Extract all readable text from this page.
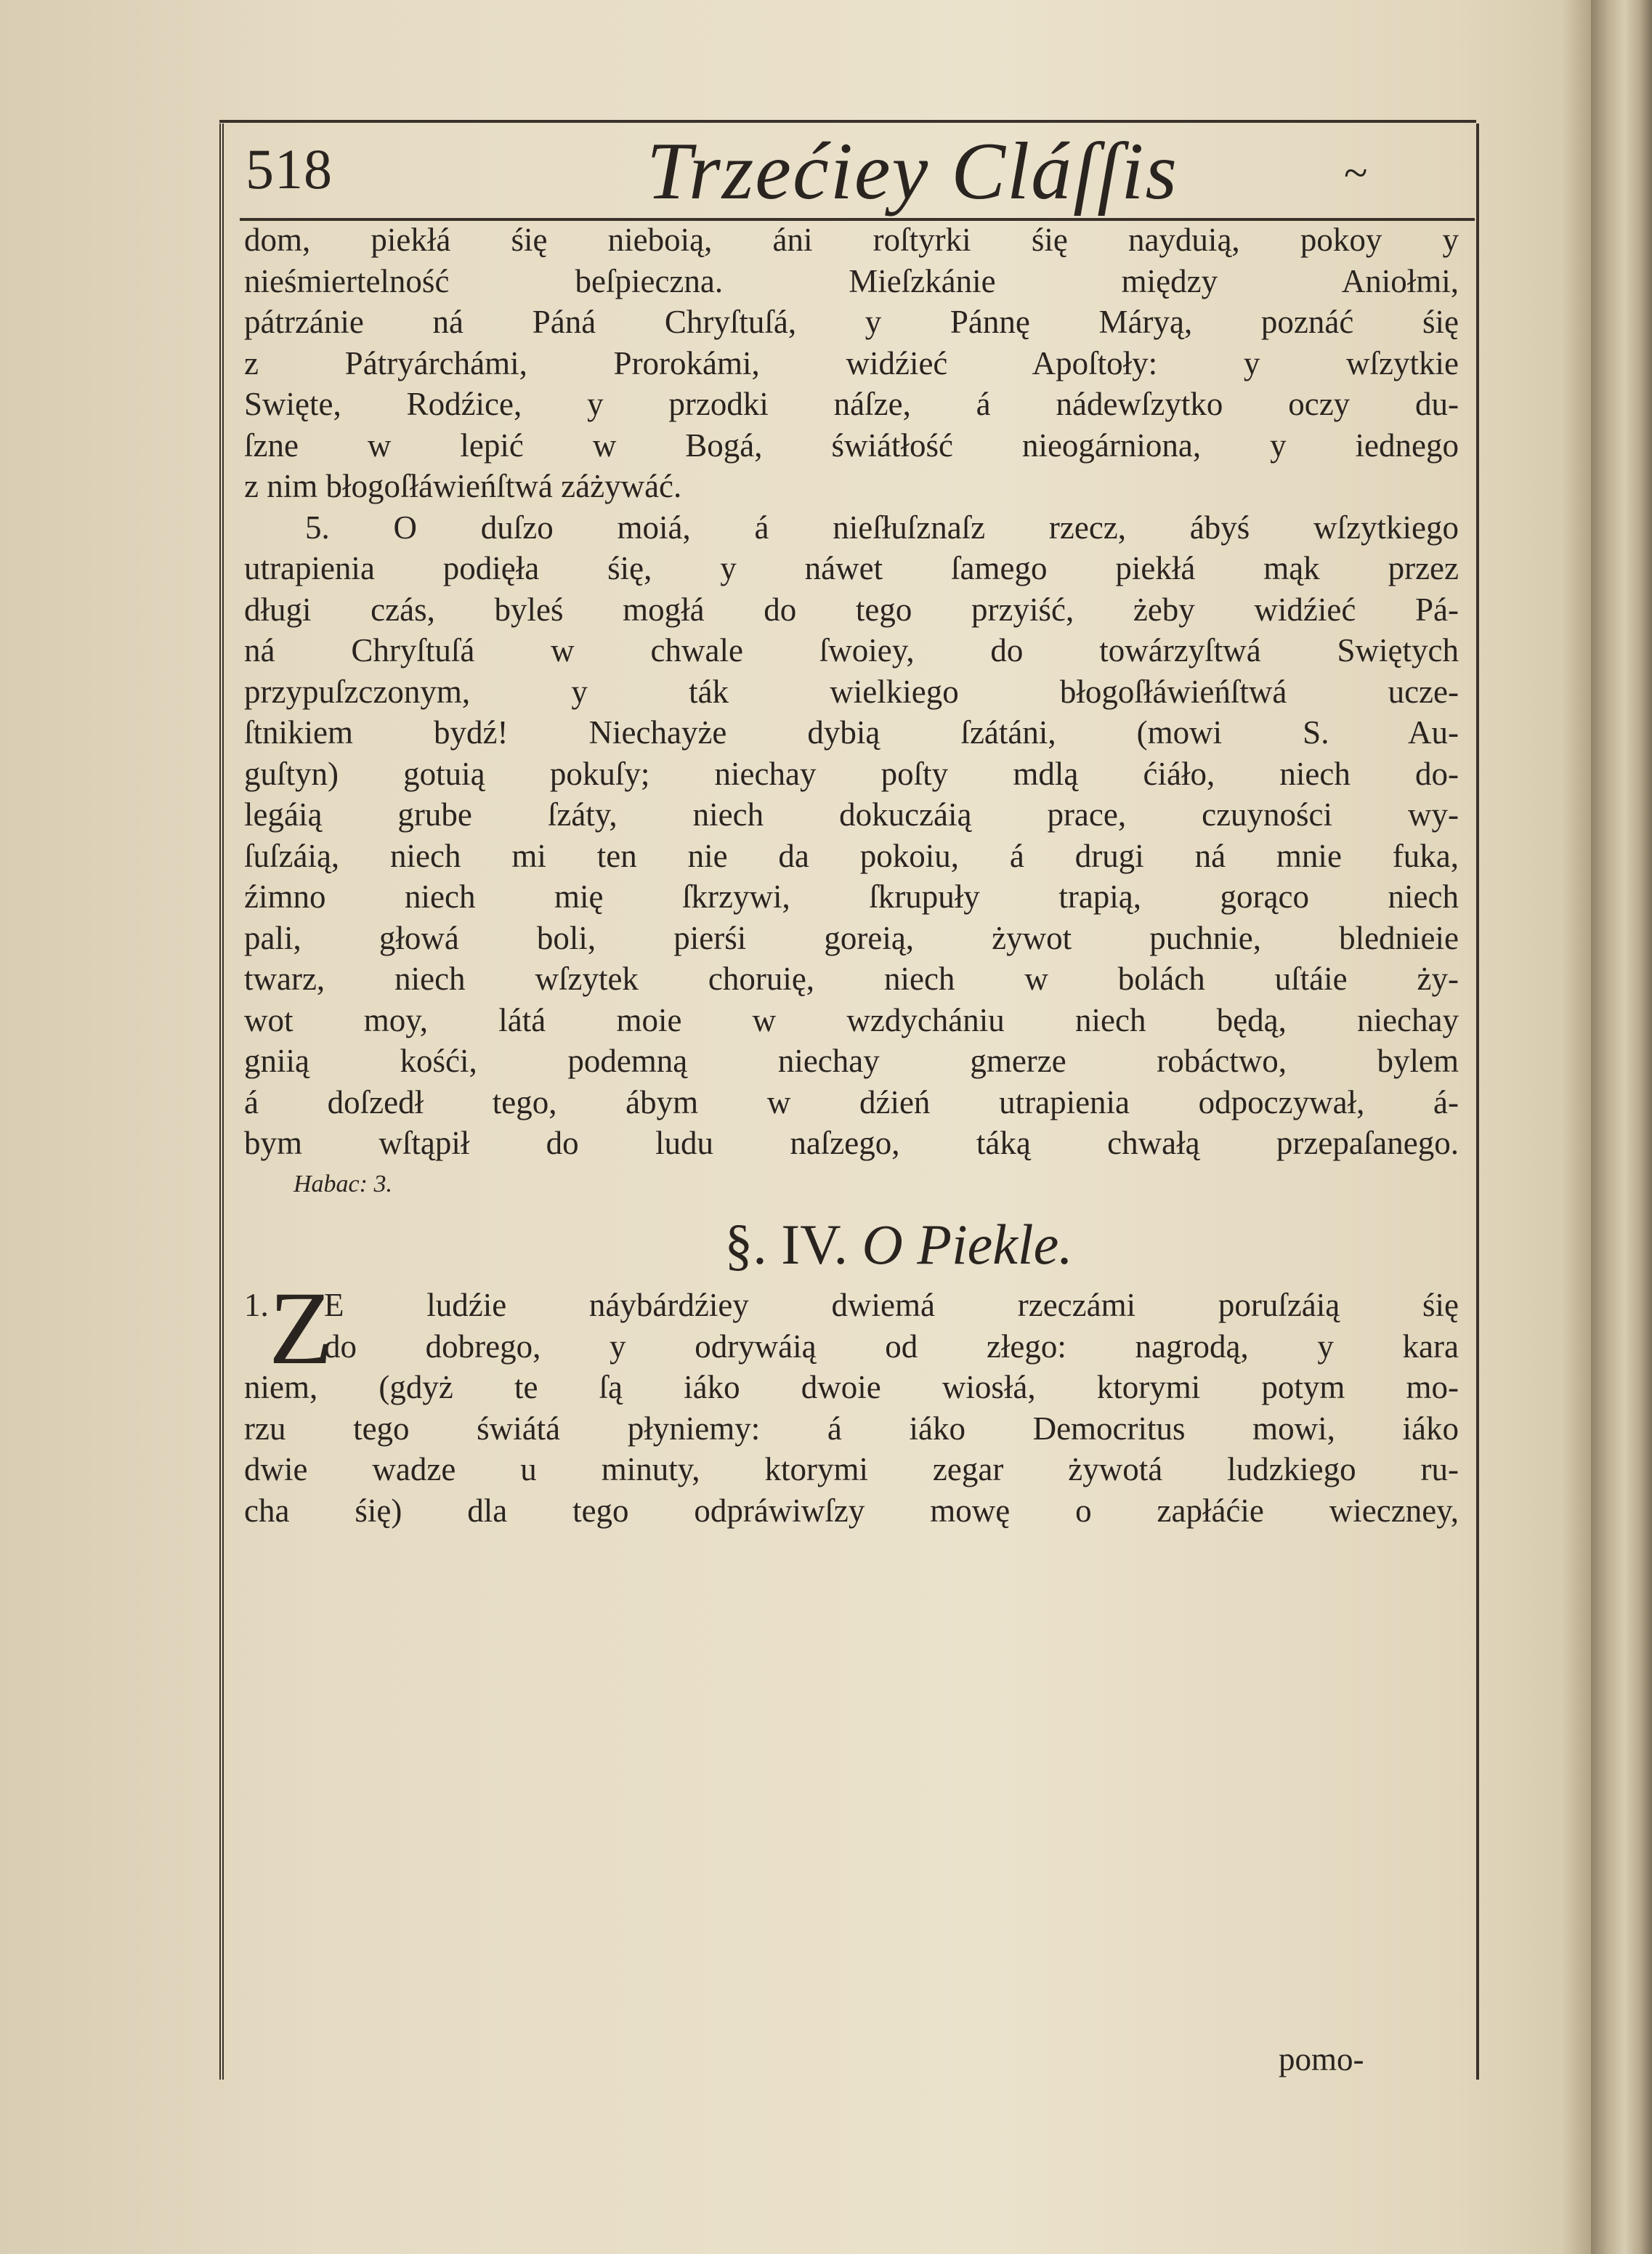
518	Trzećiey Cláſſis	~
dom, piekłá śię nieboią, áni roſtyrki śię nayduią, pokoy y
nieśmiertelność beſpieczna. Mieſzkánie między Aniołmi,
pátrzánie ná Páná Chryſtuſá, y Pánnę Máryą, poznáć śię
z Pátryárchámi, Prorokámi, widźieć Apoſtoły: y wſzytkie
Swięte, Rodźice, y przodki náſze, á nádewſzytko oczy du-
ſzne w lepić w Bogá, świátłość nieogárniona, y iednego
z nim błogoſłáwieńſtwá záżywáć.
5. O duſzo moiá, á nieſłuſznaſz rzecz, ábyś wſzytkiego
utrapienia podięła śię, y náwet ſamego piekłá mąk przez
długi czás, byleś mogłá do tego przyiść, żeby widźieć Pá-
ná Chryſtuſá w chwale ſwoiey, do towárzyſtwá Swiętych
przypuſzczonym, y ták wielkiego błogoſłáwieńſtwá ucze-
ſtnikiem bydź! Niechayże dybią ſzátáni, (mowi S. Au-
guſtyn) gotuią pokuſy; niechay poſty mdlą ćiáło, niech do-
legáią grube ſzáty, niech dokuczáią prace, czuyności wy-
ſuſzáią, niech mi ten nie da pokoiu, á drugi ná mnie fuka,
źimno niech mię ſkrzywi, ſkrupuły trapią, gorąco niech
pali, głowá boli, pierśi goreią, żywot puchnie, blednieie
twarz, niech wſzytek choruię, niech w bolách uſtáie ży-
wot moy, látá moie w wzdychániu niech będą, niechay
gniią kośći, podemną niechay gmerze robáctwo, bylem
á doſzedł tego, ábym w dźień utrapienia odpoczywał, á-
bym wſtąpił do ludu naſzego, táką chwałą przepaſanego.
Habac: 3.
§. IV. O Piekle.
1. E ludźie náybárdźiey dwiemá rzeczámi poruſzáią śię
Z
do dobrego, y odrywáią od złego: nagrodą, y kara
niem, (gdyż te ſą iáko dwoie wiosłá, ktorymi potym mo-
rzu tego świátá płyniemy: á iáko Democritus mowi, iáko
dwie wadze u minuty, ktorymi zegar żywotá ludzkiego ru-
cha śię) dla tego odpráwiwſzy mowę o zapłáćie wieczney,
pomo-
